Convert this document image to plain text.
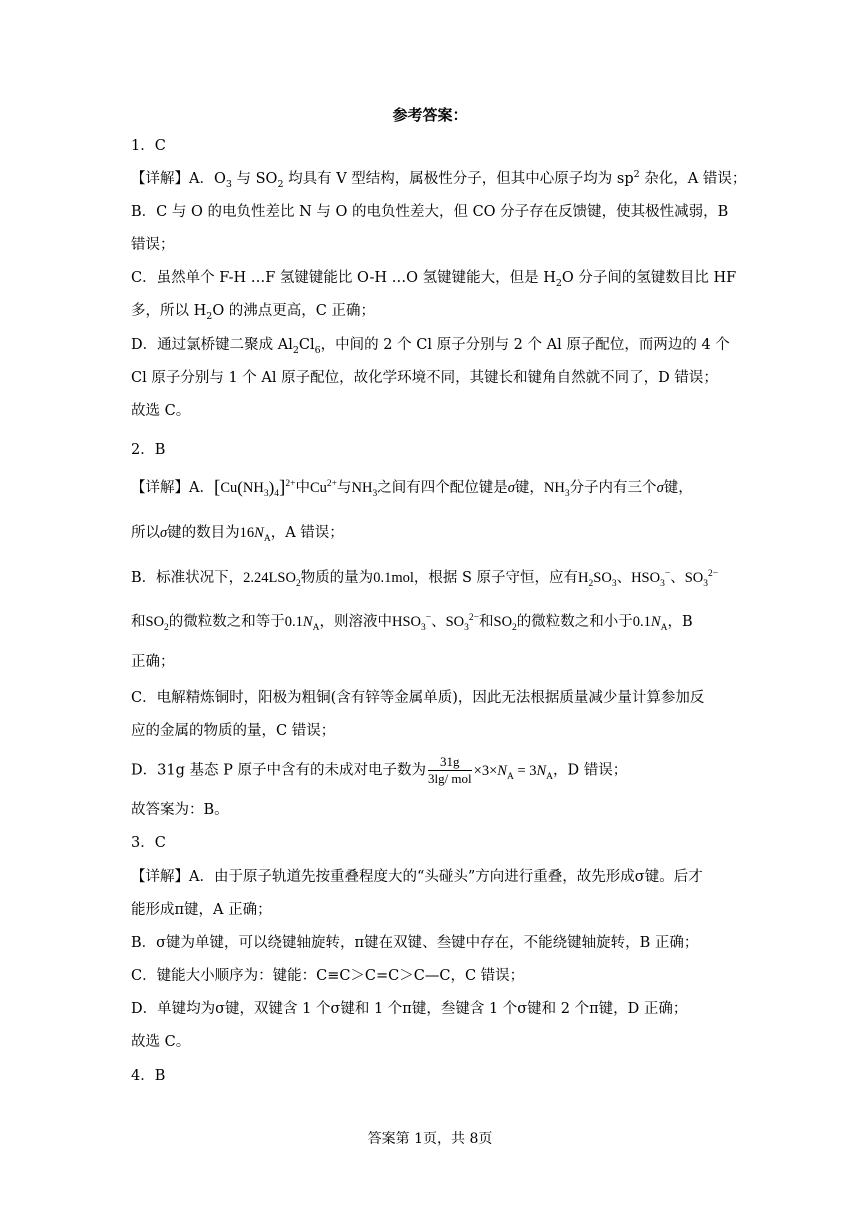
参考答案：
1．C
【详解】A．$O_3$ 与 $SO_2$ 均具有 V 型结构，属极性分子，但其中心原子均为 $sp^2$ 杂化，A 错误；
B．C 与 O 的电负性差比 N 与 O 的电负性差大，但 CO 分子存在反馈键，使其极性减弱，B
错误；
C．虽然单个 F-H …F 氢键键能比 O-H …O 氢键键能大，但是 $H_2O$ 分子间的氢键数目比 HF
多，所以 $H_2O$ 的沸点更高，C 正确；
D．通过氯桥键二聚成 $Al_2Cl_6$，中间的 2 个 Cl 原子分别与 2 个 Al 原子配位，而两边的 4 个
Cl 原子分别与 1 个 Al 原子配位，故化学环境不同，其键长和键角自然就不同了，D 错误；
故选 C。
2．B
【详解】A．$[Cu(NH_3)_4]^{2+}$中$Cu^{2+}$与$NH_3$之间有四个配位键是σ键，$NH_3$分子内有三个σ键，
所以σ键的数目为$16N_A$，A 错误；
B．标准状况下，$2.24LSO_2$物质的量为0.1mol，根据 S 原子守恒，应有$H_2SO_3$、$HSO_3^-$、$SO_3^{2-}$
和$SO_2$的微粒数之和等于$0.1N_A$，则溶液中$HSO_3^-$、$SO_3^{2-}$和$SO_2$的微粒数之和小于$0.1N_A$，B
正确；
C．电解精炼铜时，阳极为粗铜(含有锌等金属单质)，因此无法根据质量减少量计算参加反
应的金属的物质的量，C 错误；
D．31g 基态 P 原子中含有的未成对电子数为 $\frac{31g}{\text{3lg/ mol}} \times 3\times N_A = 3N_A$，D 错误；
故答案为：B。
3．C
【详解】A．由于原子轨道先按重叠程度大的“头碰头”方向进行重叠，故先形成σ键。后才
能形成π键，A 正确；
B．σ键为单键，可以绕键轴旋转，π键在双键、叁键中存在，不能绕键轴旋转，B 正确；
C．键能大小顺序为：键能：C≡C＞C=C＞C—C，C 错误；
D．单键均为σ键，双键含 1 个σ键和 1 个π键，叁键含 1 个σ键和 2 个π键，D 正确；
故选 C。
4．B
答案第 1页，共 8页
